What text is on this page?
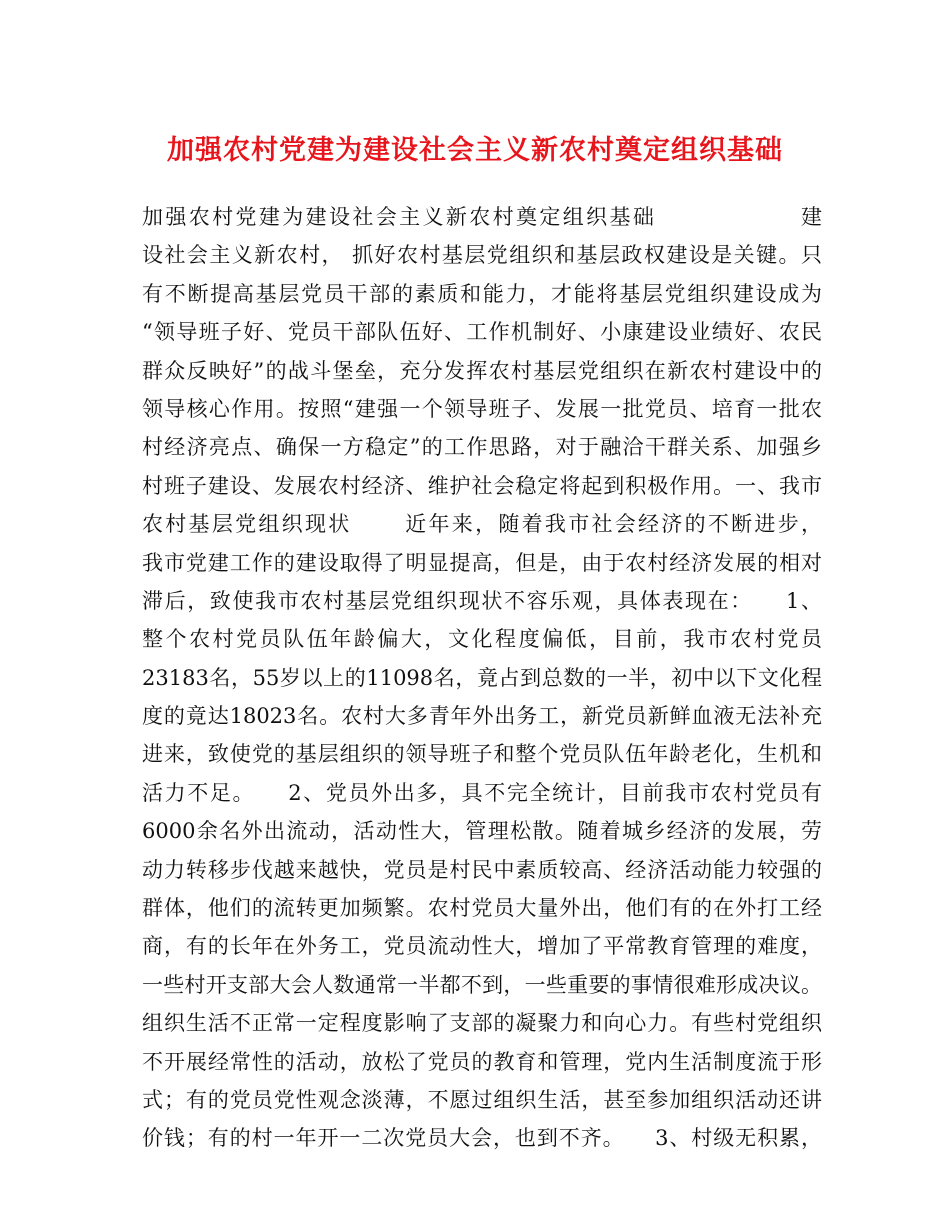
加强农村党建为建设社会主义新农村奠定组织基础
加强农村党建为建设社会主义新农村奠定组织基础                建
设社会主义新农村， 抓好农村基层党组织和基层政权建设是关键。只
有不断提高基层党员干部的素质和能力，才能将基层党组织建设成为
“领导班子好、党员干部队伍好、工作机制好、小康建设业绩好、农民
群众反映好”的战斗堡垒，充分发挥农村基层党组织在新农村建设中的
领导核心作用。按照“建强一个领导班子、发展一批党员、培育一批农
村经济亮点、确保一方稳定”的工作思路，对于融洽干群关系、加强乡
村班子建设、发展农村经济、维护社会稳定将起到积极作用。一、我市
农村基层党组织现状      近年来，随着我市社会经济的不断进步，
我市党建工作的建设取得了明显提高，但是，由于农村经济发展的相对
滞后，致使我市农村基层党组织现状不容乐观，具体表现在：    1、
整个农村党员队伍年龄偏大，文化程度偏低，目前，我市农村党员
23183名，55岁以上的11098名，竟占到总数的一半，初中以下文化程
度的竟达18023名。农村大多青年外出务工，新党员新鲜血液无法补充
进来，致使党的基层组织的领导班子和整个党员队伍年龄老化，生机和
活力不足。    2、党员外出多，具不完全统计，目前我市农村党员有
6000余名外出流动，活动性大，管理松散。随着城乡经济的发展，劳
动力转移步伐越来越快，党员是村民中素质较高、经济活动能力较强的
群体，他们的流转更加频繁。农村党员大量外出，他们有的在外打工经
商，有的长年在外务工，党员流动性大，增加了平常教育管理的难度，
一些村开支部大会人数通常一半都不到，一些重要的事情很难形成决议。
组织生活不正常一定程度影响了支部的凝聚力和向心力。有些村党组织
不开展经常性的活动，放松了党员的教育和管理，党内生活制度流于形
式；有的党员党性观念淡薄，不愿过组织生活，甚至参加组织活动还讲
价钱；有的村一年开一二次党员大会，也到不齐。    3、村级无积累，
